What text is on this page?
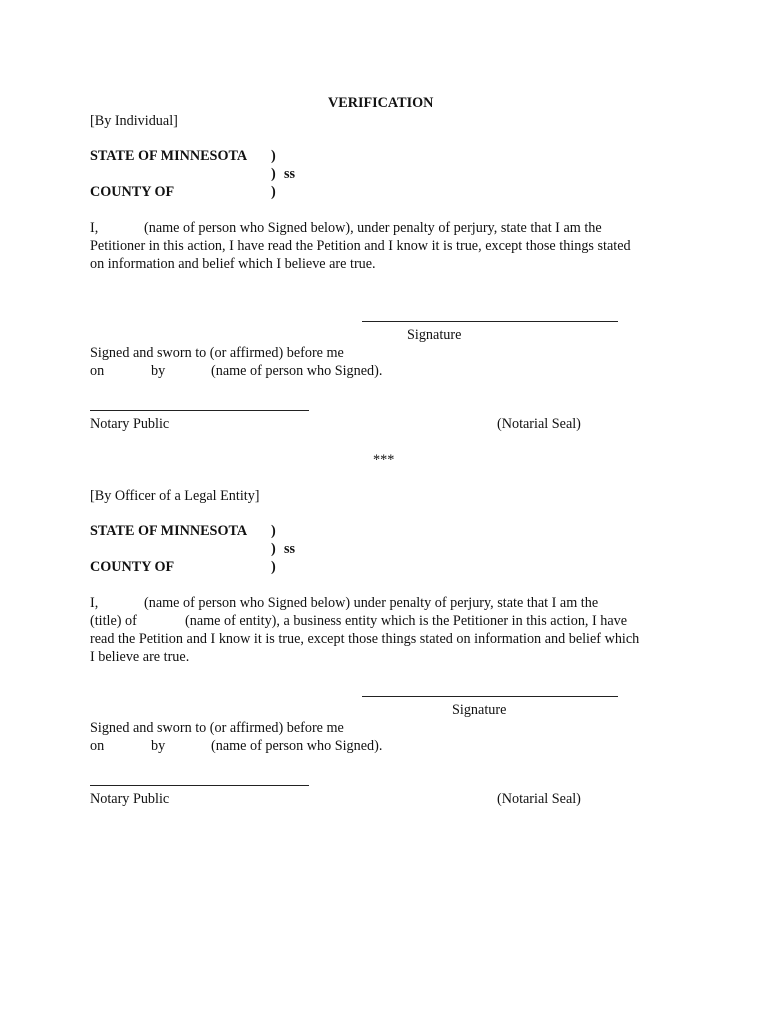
VERIFICATION
[By Individual]
STATE OF MINNESOTA )
) ss
COUNTY OF	)
I,	(name of person who Signed below), under penalty of perjury, state that I am the
Petitioner in this action, I have read the Petition and I know it is true, except those things stated
on information and belief which I believe are true.
Signature
Signed and sworn to (or affirmed) before me
on	by	(name of person who Signed).
Notary Public	(Notarial Seal)
***
[By Officer of a Legal Entity]
STATE OF MINNESOTA )
) ss
COUNTY OF	)
I,	(name of person who Signed below) under penalty of perjury, state that I am the
(title) of	(name of entity), a business entity which is the Petitioner in this action, I have
read the Petition and I know it is true, except those things stated on information and belief which
I believe are true.
Signature
Signed and sworn to (or affirmed) before me
on	by	(name of person who Signed).
Notary Public	(Notarial Seal)
